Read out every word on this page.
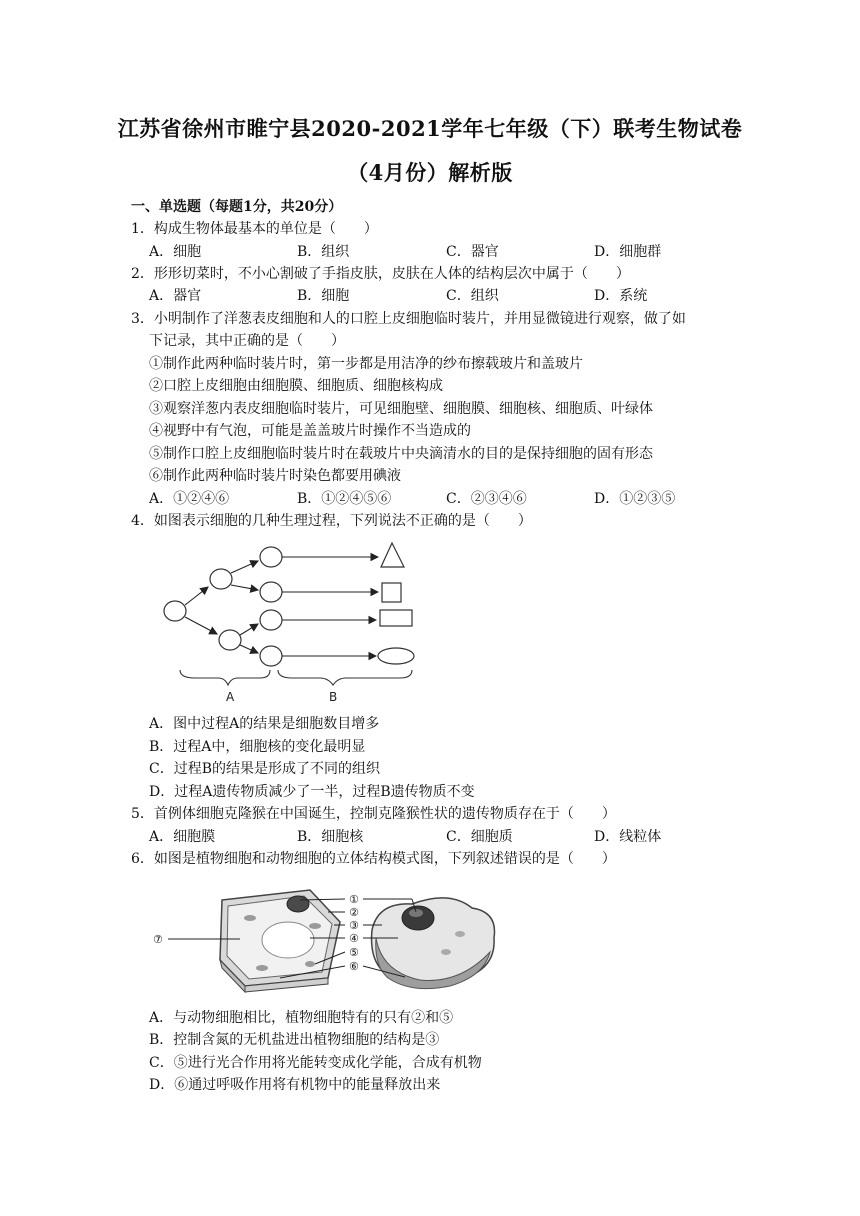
江苏省徐州市睢宁县2020-2021学年七年级（下）联考生物试卷
（4月份）解析版
一、单选题（每题1分，共20分）
1．构成生物体最基本的单位是（　　）
A．细胞	B．组织	C．器官	D．细胞群
2．形形切菜时，不小心割破了手指皮肤，皮肤在人体的结构层次中属于（　　）
A．器官	B．细胞	C．组织	D．系统
3．小明制作了洋葱表皮细胞和人的口腔上皮细胞临时装片，并用显微镜进行观察，做了如
下记录，其中正确的是（　　）
①制作此两种临时装片时，第一步都是用洁净的纱布擦载玻片和盖玻片
②口腔上皮细胞由细胞膜、细胞质、细胞核构成
③观察洋葱内表皮细胞临时装片，可见细胞壁、细胞膜、细胞核、细胞质、叶绿体
④视野中有气泡，可能是盖盖玻片时操作不当造成的
⑤制作口腔上皮细胞临时装片时在载玻片中央滴清水的目的是保持细胞的固有形态
⑥制作此两种临时装片时染色都要用碘液
A．①②④⑥	B．①②④⑤⑥	C．②③④⑥	D．①②③⑤
4．如图表示细胞的几种生理过程，下列说法不正确的是（　　）
A	B
A．图中过程A的结果是细胞数目增多
B．过程A中，细胞核的变化最明显
C．过程B的结果是形成了不同的组织
D．过程A遗传物质减少了一半，过程B遗传物质不变
5．首例体细胞克隆猴在中国诞生，控制克隆猴性状的遗传物质存在于（　　）
A．细胞膜	B．细胞核	C．细胞质	D．线粒体
6．如图是植物细胞和动物细胞的立体结构模式图，下列叙述错误的是（　　）
①
②
③
④
⑤
⑥
⑦
A．与动物细胞相比，植物细胞特有的只有②和⑤
B．控制含氮的无机盐进出植物细胞的结构是③
C．⑤进行光合作用将光能转变成化学能，合成有机物
D．⑥通过呼吸作用将有机物中的能量释放出来
